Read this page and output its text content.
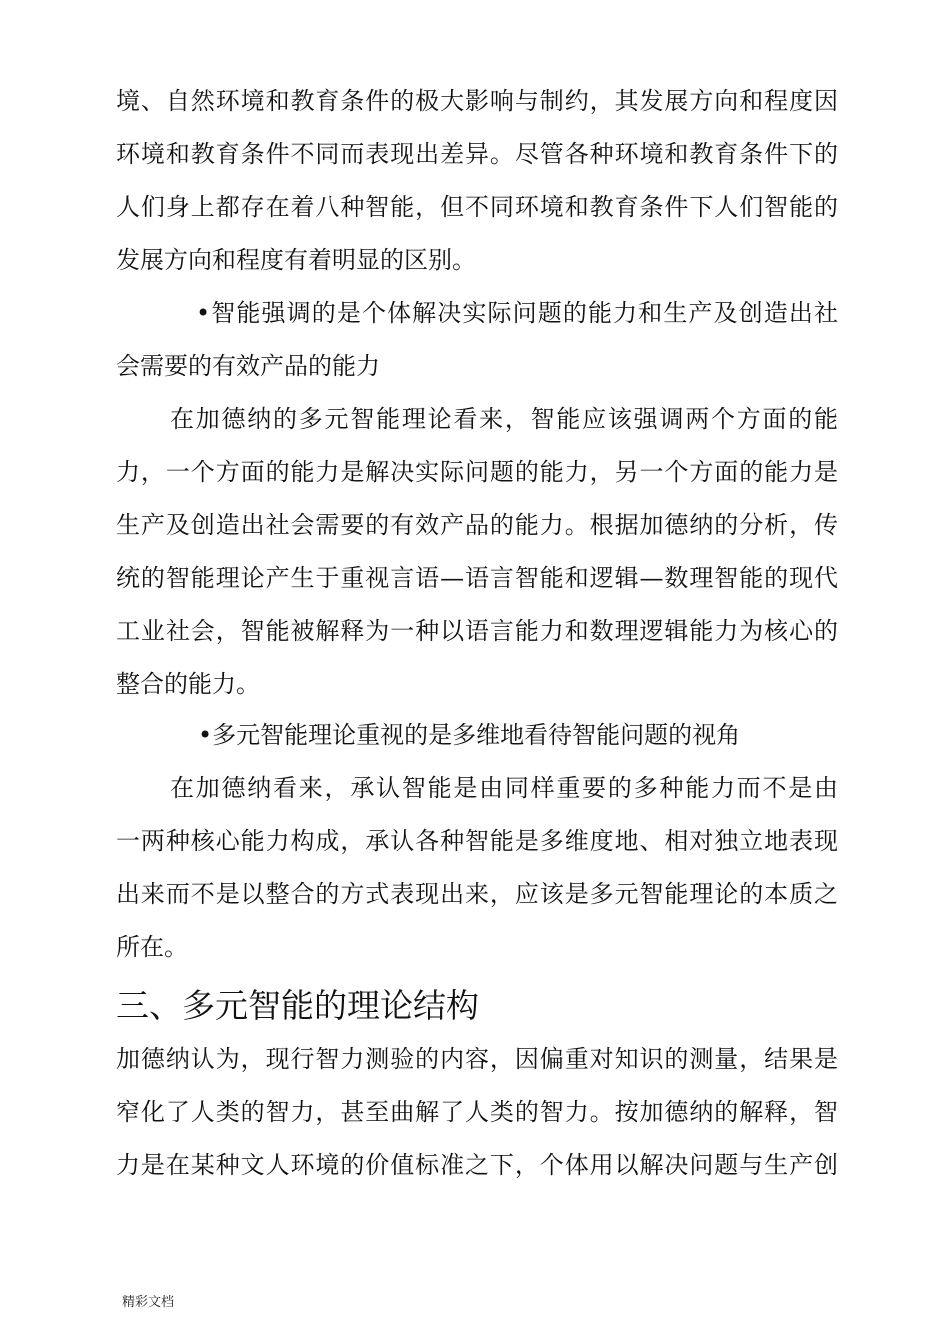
境、自然环境和教育条件的极大影响与制约，其发展方向和程度因
环境和教育条件不同而表现出差异。尽管各种环境和教育条件下的
人们身上都存在着八种智能，但不同环境和教育条件下人们智能的
发展方向和程度有着明显的区别。
•智能强调的是个体解决实际问题的能力和生产及创造出社
会需要的有效产品的能力
在加德纳的多元智能理论看来，智能应该强调两个方面的能
力，一个方面的能力是解决实际问题的能力，另一个方面的能力是
生产及创造出社会需要的有效产品的能力。根据加德纳的分析，传
统的智能理论产生于重视言语—语言智能和逻辑—数理智能的现代
工业社会，智能被解释为一种以语言能力和数理逻辑能力为核心的
整合的能力。
•多元智能理论重视的是多维地看待智能问题的视角
在加德纳看来，承认智能是由同样重要的多种能力而不是由
一两种核心能力构成，承认各种智能是多维度地、相对独立地表现
出来而不是以整合的方式表现出来，应该是多元智能理论的本质之
所在。
三、多元智能的理论结构
加德纳认为，现行智力测验的内容，因偏重对知识的测量，结果是
窄化了人类的智力，甚至曲解了人类的智力。按加德纳的解释，智
力是在某种文人环境的价值标准之下，个体用以解决问题与生产创
精彩文档
